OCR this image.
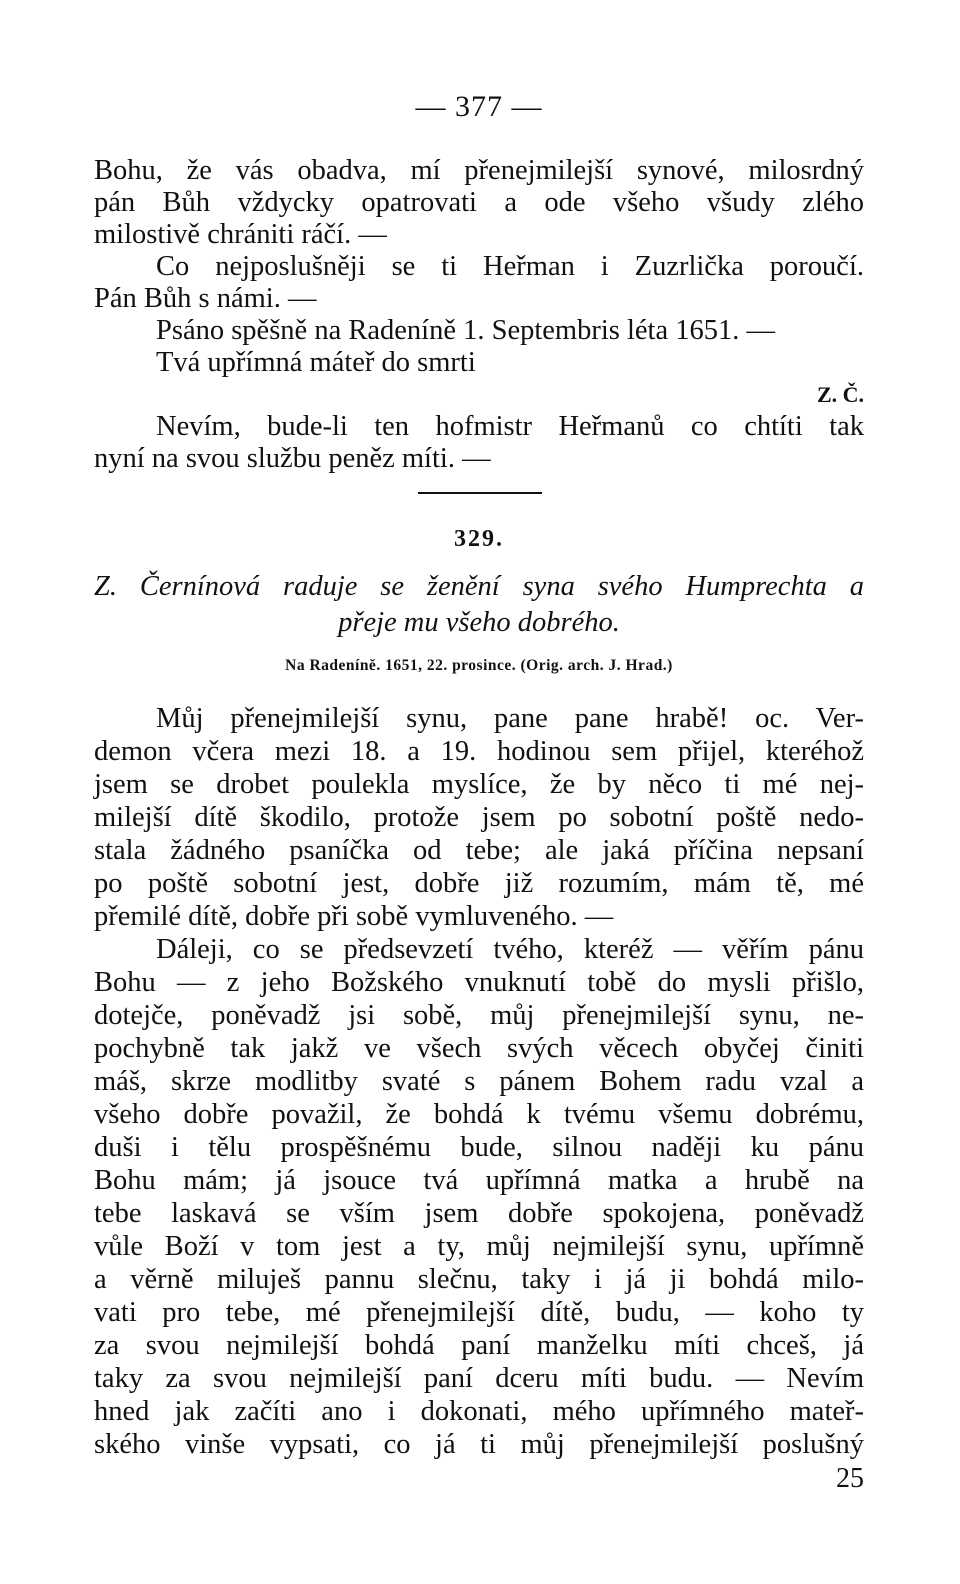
— 377 —
Bohu, že vás obadva, mí přenejmilejší synové, milosrdný
pán Bůh vždycky opatrovati a ode všeho všudy zlého
milostivě chrániti ráčí. —
Co nejposlušněji se ti Heřman i Zuzrlička poroučí.
Pán Bůh s námi. —
Psáno spěšně na Radeníně 1. Septembris léta 1651. —
Tvá upřímná máteř do smrti
Z. Č.
Nevím, bude-li ten hofmistr Heřmanů co chtíti tak
nyní na svou službu peněz míti. —
329.
Z. Černínová raduje se ženění syna svého Humprechta a
přeje mu všeho dobrého.
Na Radeníně. 1651, 22. prosince. (Orig. arch. J. Hrad.)
Můj přenejmilejší synu, pane pane hrabě! oc. Ver-
demon včera mezi 18. a 19. hodinou sem přijel, kteréhož
jsem se drobet poulekla myslíce, že by něco ti mé nej-
milejší dítě škodilo, protože jsem po sobotní poště nedo-
stala žádného psaníčka od tebe; ale jaká příčina nepsaní
po poště sobotní jest, dobře již rozumím, mám tě, mé
přemilé dítě, dobře při sobě vymluveného. —
Dáleji, co se předsevzetí tvého, kteréž — věřím pánu
Bohu — z jeho Božského vnuknutí tobě do mysli přišlo,
dotejče, poněvadž jsi sobě, můj přenejmilejší synu, ne-
pochybně tak jakž ve všech svých věcech obyčej činiti
máš, skrze modlitby svaté s pánem Bohem radu vzal a
všeho dobře považil, že bohdá k tvému všemu dobrému,
duši i tělu prospěšnému bude, silnou naději ku pánu
Bohu mám; já jsouce tvá upřímná matka a hrubě na
tebe laskavá se vším jsem dobře spokojena, poněvadž
vůle Boží v tom jest a ty, můj nejmilejší synu, upřímně
a věrně miluješ pannu slečnu, taky i já ji bohdá milo-
vati pro tebe, mé přenejmilejší dítě, budu, — koho ty
za svou nejmilejší bohdá paní manželku míti chceš, já
taky za svou nejmilejší paní dceru míti budu. — Nevím
hned jak začíti ano i dokonati, mého upřímného mateř-
ského vinše vypsati, co já ti můj přenejmilejší poslušný
25
